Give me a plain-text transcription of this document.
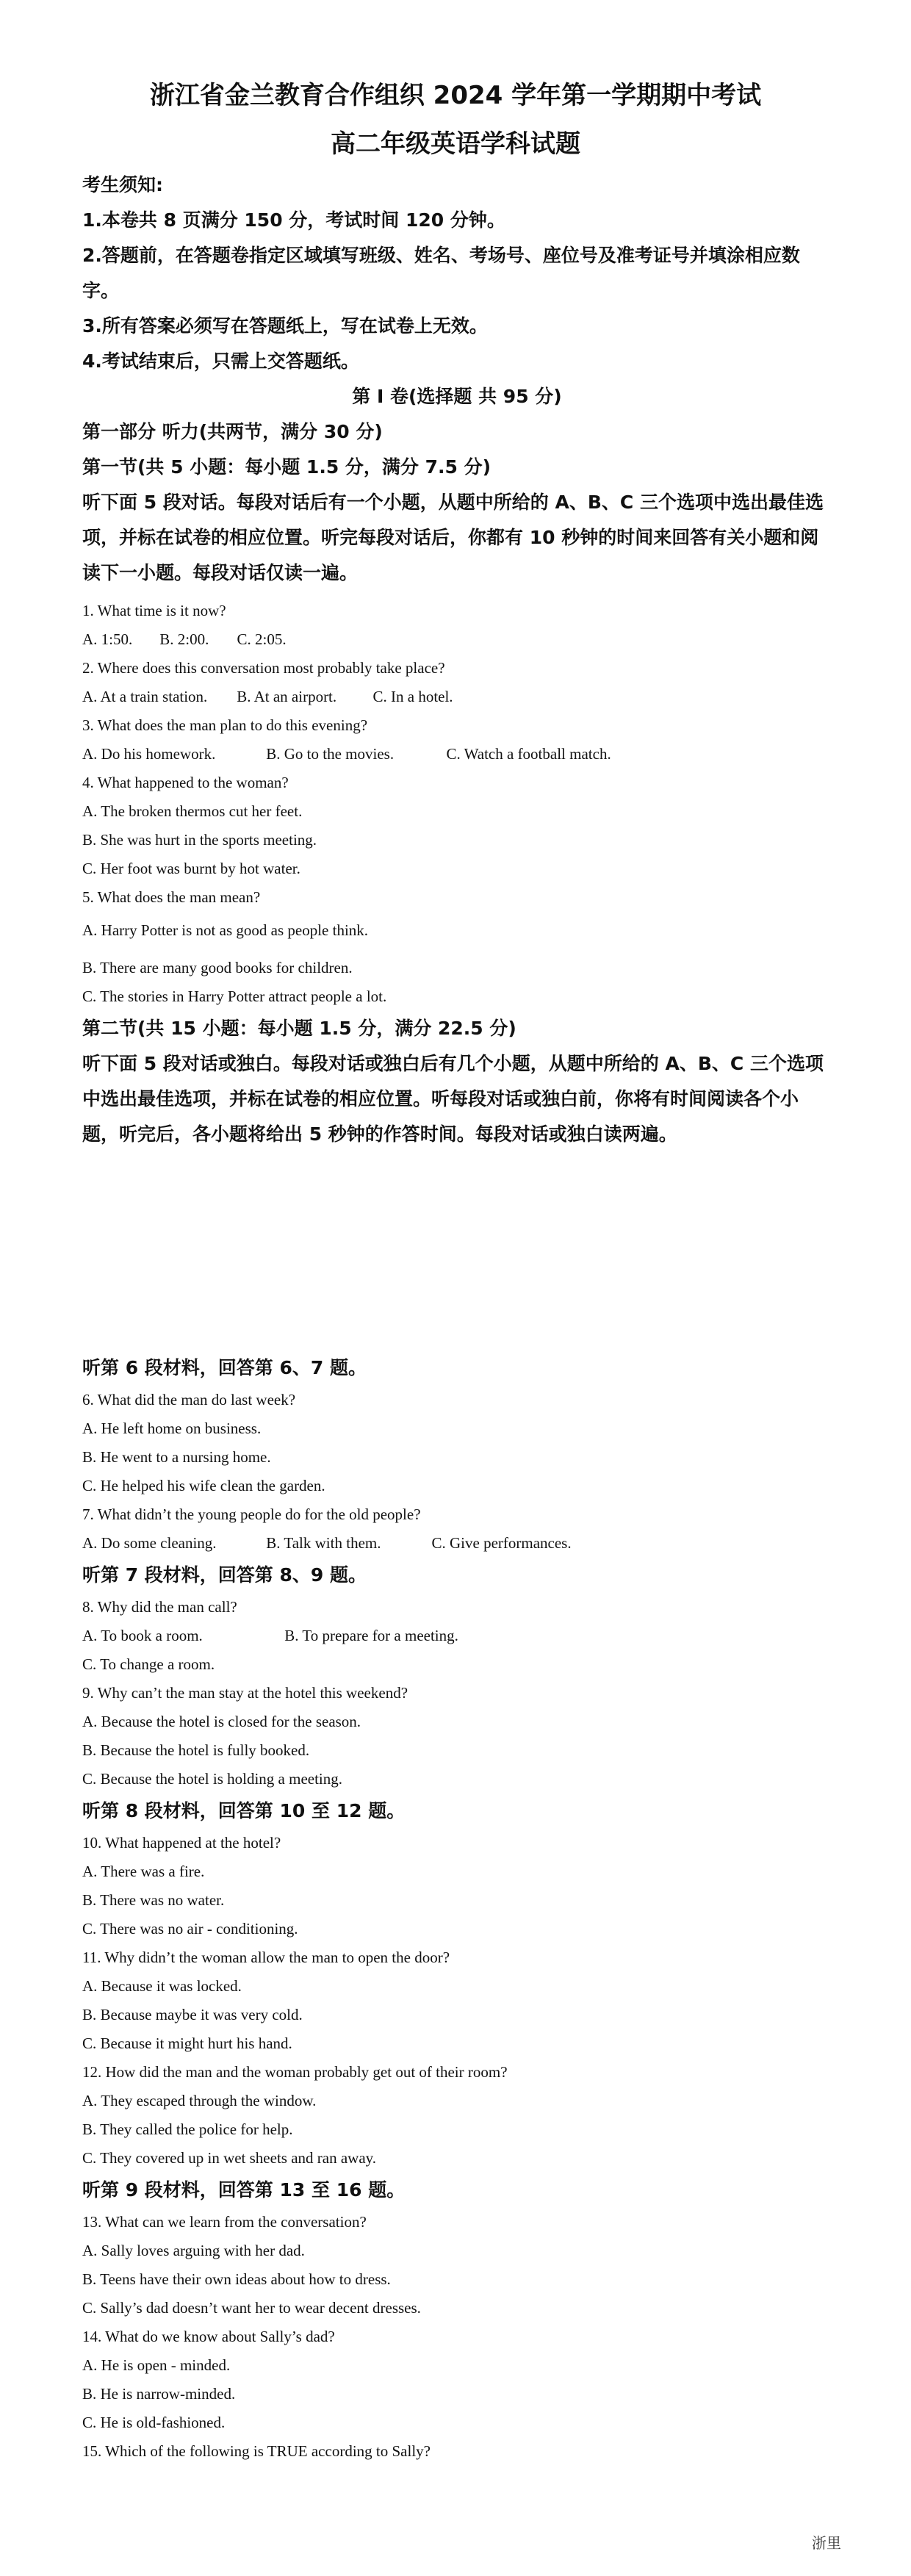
浙江省金兰教育合作组织 2024 学年第一学期期中考试
高二年级英语学科试题
考生须知:
1.本卷共 8 页满分 150 分，考试时间 120 分钟。
2.答题前，在答题卷指定区域填写班级、姓名、考场号、座位号及准考证号并填涂相应数字。
3.所有答案必须写在答题纸上，写在试卷上无效。
4.考试结束后，只需上交答题纸。
第 Ⅰ 卷(选择题 共 95 分)
第一部分 听力(共两节，满分 30 分)
第一节(共 5 小题：每小题 1.5 分，满分 7.5 分)
听下面 5 段对话。每段对话后有一个小题，从题中所给的 A、B、C 三个选项中选出最佳选项，并标在试卷的相应位置。听完每段对话后，你都有 10 秒钟的时间来回答有关小题和阅读下一小题。每段对话仅读一遍。
1. What time is it now?
A. 1:50. B. 2:00. C. 2:05.
2. Where does this conversation most probably take place?
A. At a train station. B. At an airport. C. In a hotel.
3. What does the man plan to do this evening?
A. Do his homework.	B. Go to the movies.	C. Watch a football match.
4. What happened to the woman?
A. The broken thermos cut her feet.
B. She was hurt in the sports meeting.
C. Her foot was burnt by hot water.
5. What does the man mean?
A. Harry Potter is not as good as people think.
B. There are many good books for children.
C. The stories in Harry Potter attract people a lot.
第二节(共 15 小题：每小题 1.5 分，满分 22.5 分)
听下面 5 段对话或独白。每段对话或独白后有几个小题，从题中所给的 A、B、C 三个选项中选出最佳选项，并标在试卷的相应位置。听每段对话或独白前，你将有时间阅读各个小题，听完后，各小题将给出 5 秒钟的作答时间。每段对话或独白读两遍。
听第 6 段材料，回答第 6、7 题。
6. What did the man do last week?
A. He left home on business.
B. He went to a nursing home.
C. He helped his wife clean the garden.
7. What didn’t the young people do for the old people?
A. Do some cleaning.	B. Talk with them.	C. Give performances.
听第 7 段材料，回答第 8、9 题。
8. Why did the man call?
A. To book a room.	B. To prepare for a meeting.
C. To change a room.
9. Why can’t the man stay at the hotel this weekend?
A. Because the hotel is closed for the season.
B. Because the hotel is fully booked.
C. Because the hotel is holding a meeting.
听第 8 段材料，回答第 10 至 12 题。
10. What happened at the hotel?
A. There was a fire.
B. There was no water.
C. There was no air - conditioning.
11. Why didn’t the woman allow the man to open the door?
A. Because it was locked.
B. Because maybe it was very cold.
C. Because it might hurt his hand.
12. How did the man and the woman probably get out of their room?
A. They escaped through the window.
B. They called the police for help.
C. They covered up in wet sheets and ran away.
听第 9 段材料，回答第 13 至 16 题。
13. What can we learn from the conversation?
A. Sally loves arguing with her dad.
B. Teens have their own ideas about how to dress.
C. Sally’s dad doesn’t want her to wear decent dresses.
14. What do we know about Sally’s dad?
A. He is open - minded.
B. He is narrow-minded.
C. He is old-fashioned.
15. Which of the following is TRUE according to Sally?
浙里
